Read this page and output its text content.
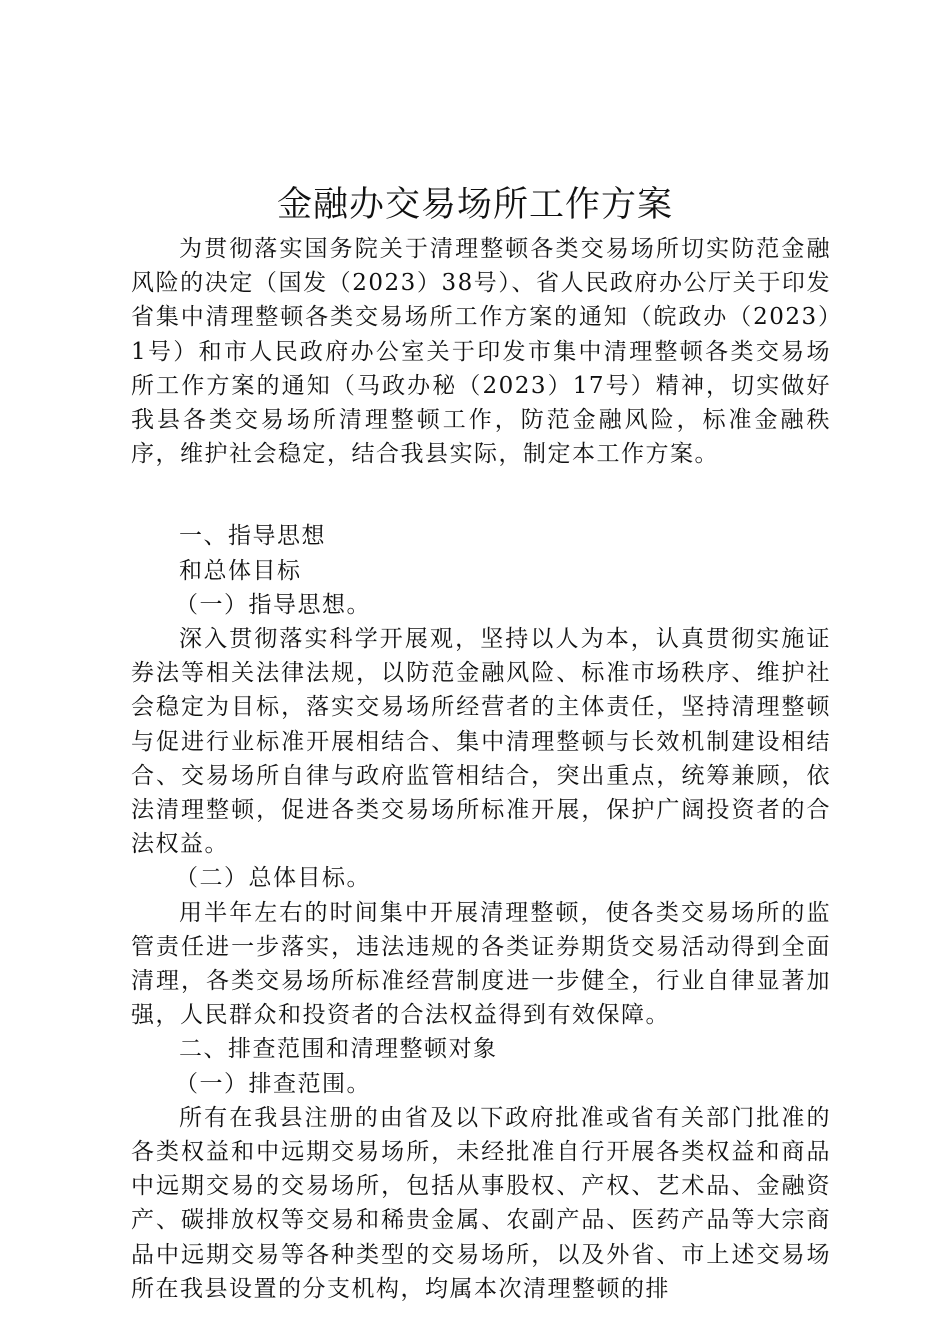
金融办交易场所工作方案

为贯彻落实国务院关于清理整顿各类交易场所切实防范金融风险的决定（国发（2023）38号）、省人民政府办公厅关于印发省集中清理整顿各类交易场所工作方案的通知（皖政办（2023）1号）和市人民政府办公室关于印发市集中清理整顿各类交易场所工作方案的通知（马政办秘（2023）17号）精神，切实做好我县各类交易场所清理整顿工作，防范金融风险，标准金融秩序，维护社会稳定，结合我县实际，制定本工作方案。

一、指导思想

和总体目标

（一）指导思想。

深入贯彻落实科学开展观，坚持以人为本，认真贯彻实施证券法等相关法律法规，以防范金融风险、标准市场秩序、维护社会稳定为目标，落实交易场所经营者的主体责任，坚持清理整顿与促进行业标准开展相结合、集中清理整顿与长效机制建设相结合、交易场所自律与政府监管相结合，突出重点，统筹兼顾，依法清理整顿，促进各类交易场所标准开展，保护广阔投资者的合法权益。

（二）总体目标。

用半年左右的时间集中开展清理整顿，使各类交易场所的监管责任进一步落实，违法违规的各类证券期货交易活动得到全面清理，各类交易场所标准经营制度进一步健全，行业自律显著加强，人民群众和投资者的合法权益得到有效保障。

二、排查范围和清理整顿对象

（一）排查范围。

所有在我县注册的由省及以下政府批准或省有关部门批准的各类权益和中远期交易场所，未经批准自行开展各类权益和商品中远期交易的交易场所，包括从事股权、产权、艺术品、金融资产、碳排放权等交易和稀贵金属、农副产品、医药产品等大宗商品中远期交易等各种类型的交易场所，以及外省、市上述交易场所在我县设置的分支机构，均属本次清理整顿的排
